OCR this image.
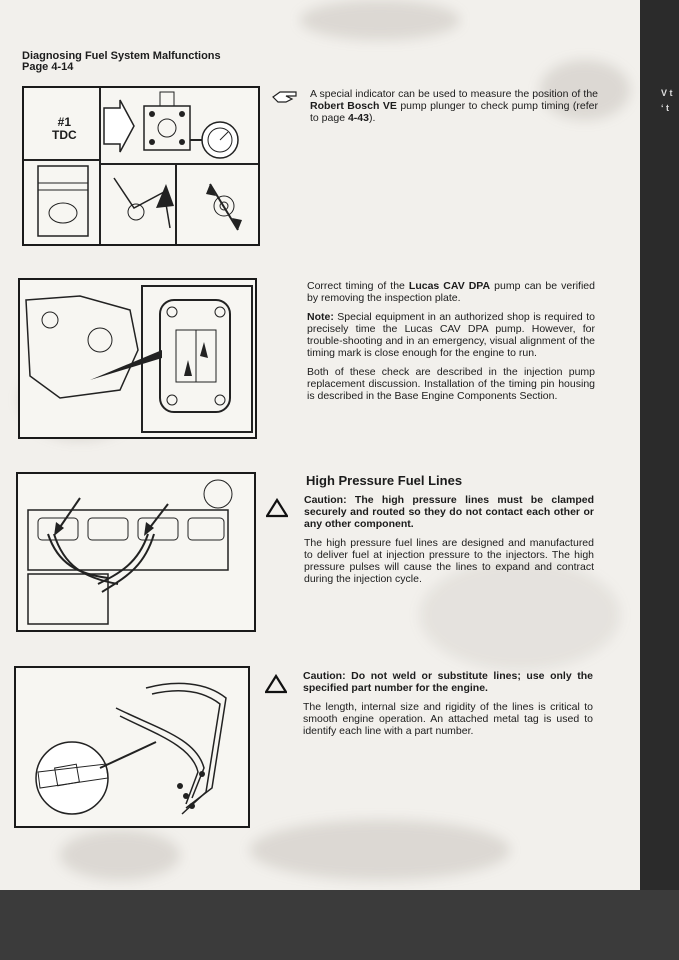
Diagnosing Fuel System Malfunctions
Page 4-14
#1
TDC

A special indicator can be used to measure the position of the Robert Bosch VE pump plunger to check pump timing (refer to page 4-43).

Correct timing of the Lucas CAV DPA pump can be verified by removing the inspection plate.

Note: Special equipment in an authorized shop is required to precisely time the Lucas CAV DPA pump. However, for trouble-shooting and in an emergency, visual alignment of the timing mark is close enough for the engine to run.

Both of these check are described in the injection pump replacement discussion. Installation of the timing pin housing is described in the Base Engine Components Section.

High Pressure Fuel Lines

Caution: The high pressure lines must be clamped securely and routed so they do not contact each other or any other component.

The high pressure fuel lines are designed and manufactured to deliver fuel at injection pressure to the injectors. The high pressure pulses will cause the lines to expand and contract during the injection cycle.

Caution: Do not weld or substitute lines; use only the specified part number for the engine.

The length, internal size and rigidity of the lines is critical to smooth engine operation. An attached metal tag is used to identify each line with a part number.

V t ‘ t
